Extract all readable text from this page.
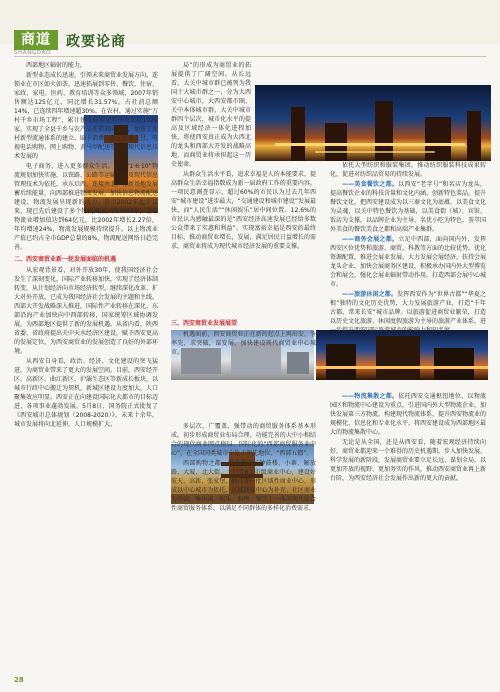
商道	政要论商
SHANGDAO

西部地区辐射的能力。

新型业态成长迅速，引领未来商贸业发展方向。连锁业在市区如火如荼，迅速拓展到零售、餐饮、住宿、家政、家电、医药、教育培训等众多领域，2007年销售额达125亿元，同比增长31.57%，占社消总额14%，已连续四年增速超30%。在农村，通过实施“万村千乡市场工程”，累计建成标准化连锁农家店1020家，实现了全县千乡与农产品连锁双向流通，加快了农村新型流通体系的建立。刷卡消费、电子货币支付、电视电话购物、网上购物、黄马甲配送等依托现代信息技术发展的

电子商务，进入更多群众生活。我市“1·6·10”物流规划加快实施，以铁路、公路等运输方式及现代信息管理技术为依托，承东启西、连接南北，将新基地发展蓄后续能量、向西部推进物流发展，加快信息物流配送建设，物流发展呈现新的动力。我市2002年起步以来，现已先后建设了多个物流园区，到2007年，全市物流业增加值达到64亿元，比2002年增长2.27倍，年均增速24%，物流发展规模持续提升。以上物流业产值已约占全市GDP总量的8%，物流配送网络日趋完善。

二、西安商贸业新一轮发展面临的机遇

从宏观背景看，对外开放30年，使我国经济社会发生了深刻变化，国际产业转移加快，实现了经济体制转变，从计划经济向市场经济转型，继续深化改革、扩大对外开放，已成为我国经济社会发展的主题和主线。西部大开发战略深入推进，国际性产业转移在深化，东部沿海产业加快向中西部转移，国家统筹区域协调发展，为西部地区提供了新的发展机遇。从省内看，陕西省委、省政府提出关中天水经济区建设，赋予西安更高的发展定位，为西安商贸业的发展创造了良好的外部环境。

从西安自身看，政治、经济、文化建设的突飞猛进，为商贸业带来了更大的发展空间。目前，西安经开区、高新区、曲江新区、沪灞生态区等新成长板块，以城市行政中心搬迁为契机，新城区建设力度加大，人口聚集效应明显。西安正在向建设国际化大都市的目标迈进，各项事业蓬勃发展。5月8日，国务院正式批复了《西安城市总体规划（2008-2020）》，未来十余年，城市发展将向北延伸，人口规模扩大。

局”的形成为商贸业的拓展提供了广阔空间。从长远看，大关中城市群已被列为我国十大城市群之一，分为大西安中心城市，大西安都市圈、关中本体城市群，大关中城市群四个层次，城市化水平的提高及区域经济一体化进程加快，将使西安真正成为大西北的龙头和西部大开发的战略高地，而商贸业将承担起这一历史使命。

从群众生活水平看，追求幸福是人的本能要求，提高群众生活幸福指数成为新一届政府工作的重要内容。一项民意调查显示，超过60%的市民认为过去几年西安“城市建设”进步最大，“交通建设和城市建设”发展最快，而“人民生活”“休闲娱乐”居中间位置。12.6%的市民认为感触最深的是“西安经济高速发展已经给多数公众带来了实惠和利益”。实现富裕幸福是西安的最终目标，推动商贸业增长、发展，满足居民日益增长的需求，商贸业将成为现代城市经济发展的重要支撑。

三、西安商贸业发展展望

机遇面前，西安商贸业正在新的起点上再出发，争率先，求突破，谋发展，加快建设现代商贸业中心城市。

多层次、广覆盖，强带动的商贸服务体系基本形成。初步形成商贸业布局合理、功能完善的大中小相结合的现代商业网点格局。国际化的“西部商贸服务业中心”，在全国同类城市中处于领先地位，“西部五都”。

西部购物之都。重点建设好钟鼓楼、小寨、解放路、大厦、北大街、土门等6个市级商业中心，建设好航天、高新、张家堡、曲江等一批区域性商业中心，形成以中心城市为依托、区域商业中心为补充、社区商业为基础，集休闲、娱乐、购物、餐饮于一体的现代综合性商贸服务体系，以满足不同群体的多样化消费需求。

依托大型纺织和服装集团，推动纺织服装科技成果转化，促进对纺织品贸易的持续发展。

——美食餐饮之都。以西安“老字号”和名店为龙头，提高餐饮企业的科技含量和文化内涵。创新特色菜品，提升餐饮文化，把西安建设成为以三秦文化为底蕴，以美食文化为灵魂，以关中特色餐饮为基础，以美食街（城）、宾馆、饭店为支撑，以品牌企业为主导，名优小吃为特色，荟萃国外美食的餐饮美食之都和高端产业集群。

——商务会展之都。立足中西部，面向国内外，发挥西安区位优势和旅游、商贸、科教等方面的比较优势，优化资源配置，推进会展业发展。大力发展会展经济，扶持会展龙头企业，加快会展商务区建设，积极承办国内外大型博览会和展会，强化会展业辐射带动作用，打造西部会展中心城市。

——旅游休闲之都。发挥西安作为“世界古都”“华夏之根”独特的文化历史优势，大力发展旅游产业，打造“千年古都，常来长安”城市品牌。以旅游促进商贸业繁荣，打造以历史文化旅游、休闲度假旅游为主导的旅游产业体系，进一步提升西安国际旅游城市的影响力和知名度。

——物流集散之都。依托西安交通枢纽地位，以物流园区和物流中心建设为重点，引进国内外大型物流企业，加快发展第三方物流，构建现代物流体系，提升西安物流业的规模化、信息化和专业化水平，将西安建设成为西部地区最大的物流集散中心。

无论是从全国，还是从西安看，随着宏观经济持续向好，商贸业都迎来一个难得的历史机遇期。步入加快发展、科学发展的新阶段，发展商贸业要立足长远、谋划全局，以更加开放的视野、更加务实的作风，推动西安商贸业再上新台阶，为西安经济社会发展作出新的更大的贡献。

28
